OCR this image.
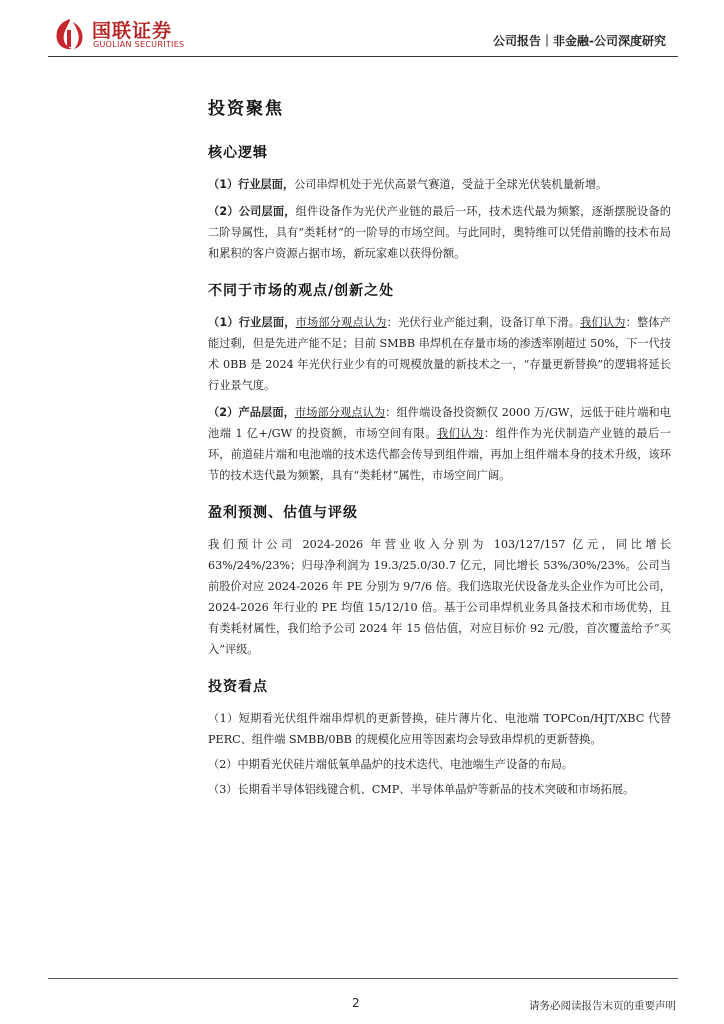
国联证券
GUOLIAN SECURITIES	公司报告｜非金融-公司深度研究
投资聚焦
核心逻辑

（1）行业层面，公司串焊机处于光伏高景气赛道，受益于全球光伏装机量新增。

（2）公司层面，组件设备作为光伏产业链的最后一环，技术迭代最为频繁，逐渐摆脱设备的二阶导属性，具有“类耗材”的一阶导的市场空间。与此同时，奥特维可以凭借前瞻的技术布局和累积的客户资源占据市场，新玩家难以获得份额。

不同于市场的观点/创新之处

（1）行业层面，市场部分观点认为：光伏行业产能过剩，设备订单下滑。我们认为：整体产能过剩，但是先进产能不足；目前 SMBB 串焊机在存量市场的渗透率刚超过 50%，下一代技术 0BB 是 2024 年光伏行业少有的可规模放量的新技术之一，“存量更新替换”的逻辑将延长行业景气度。

（2）产品层面，市场部分观点认为：组件端设备投资额仅 2000 万/GW，远低于硅片端和电池端 1 亿+/GW 的投资额，市场空间有限。我们认为：组件作为光伏制造产业链的最后一环，前道硅片端和电池端的技术迭代都会传导到组件端，再加上组件端本身的技术升级，该环节的技术迭代最为频繁，具有“类耗材”属性，市场空间广阔。

盈利预测、估值与评级

我们预计公司 2024-2026 年营业收入分别为 103/127/157 亿元，同比增长 63%/24%/23%；归母净利润为 19.3/25.0/30.7 亿元，同比增长 53%/30%/23%。公司当前股价对应 2024-2026 年 PE 分别为 9/7/6 倍。我们选取光伏设备龙头企业作为可比公司，2024-2026 年行业的 PE 均值 15/12/10 倍。基于公司串焊机业务具备技术和市场优势，且有类耗材属性，我们给予公司 2024 年 15 倍估值，对应目标价 92 元/股，首次覆盖给予“买入”评级。

投资看点

（1）短期看光伏组件端串焊机的更新替换，硅片薄片化、电池端 TOPCon/HJT/XBC 代替 PERC、组件端 SMBB/0BB 的规模化应用等因素均会导致串焊机的更新替换。

（2）中期看光伏硅片端低氧单晶炉的技术迭代、电池端生产设备的布局。

（3）长期看半导体铝线键合机、CMP、半导体单晶炉等新品的技术突破和市场拓展。

2	请务必阅读报告末页的重要声明
